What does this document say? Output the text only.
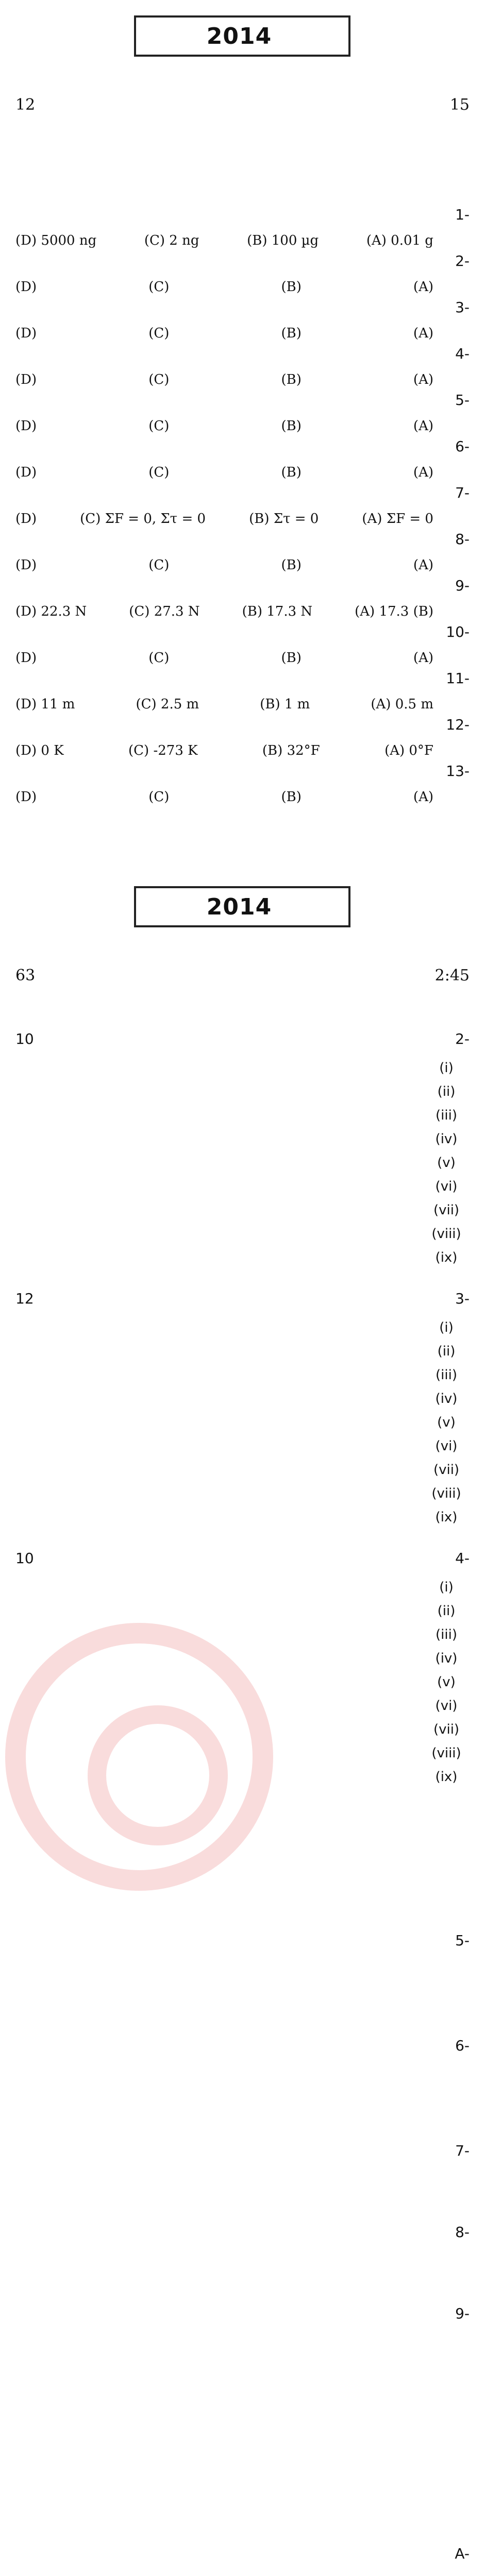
2014
15
12
1-
(A) 0.01 g
(B) 100 µg
(C) 2 ng
(D) 5000 ng
2-
(A)
(B)
(C)
(D)
3-
(A)
(B)
(C)
(D)
4-
(A)
(B)
(C)
(D)
5-
(A)
(B)
(C)
(D)
6-
(A)
(B)
(C)
(D)
7-
(A) ΣF = 0
(B) Στ = 0
(C) ΣF = 0, Στ = 0
(D)
8-
(A)
(B)
(C)
(D)
9-
(A) 17.3 (B)
(B) 17.3 N
(C) 27.3 N
(D) 22.3 N
10-
(A)
(B)
(C)
(D)
11-
(A) 0.5 m
(B) 1 m
(C) 2.5 m
(D) 11 m
12-
(A) 0°F
(B) 32°F
(C) -273 K
(D) 0 K
13-
(A)
(B)
(C)
(D)
2014
2:45
63
10	2-
(i)
(ii)
(iii)
(iv)
(v)
(vi)
(vii)
(viii)
(ix)
12	3-
(i)
(ii)
(iii)
(iv)
(v)
(vi)
(vii)
(viii)
(ix)
10	4-
(i)
(ii)
(iii)
(iv)
(v)
(vi)
(vii)
(viii)
(ix)
5-
6-
7-
8-
9-
A-
